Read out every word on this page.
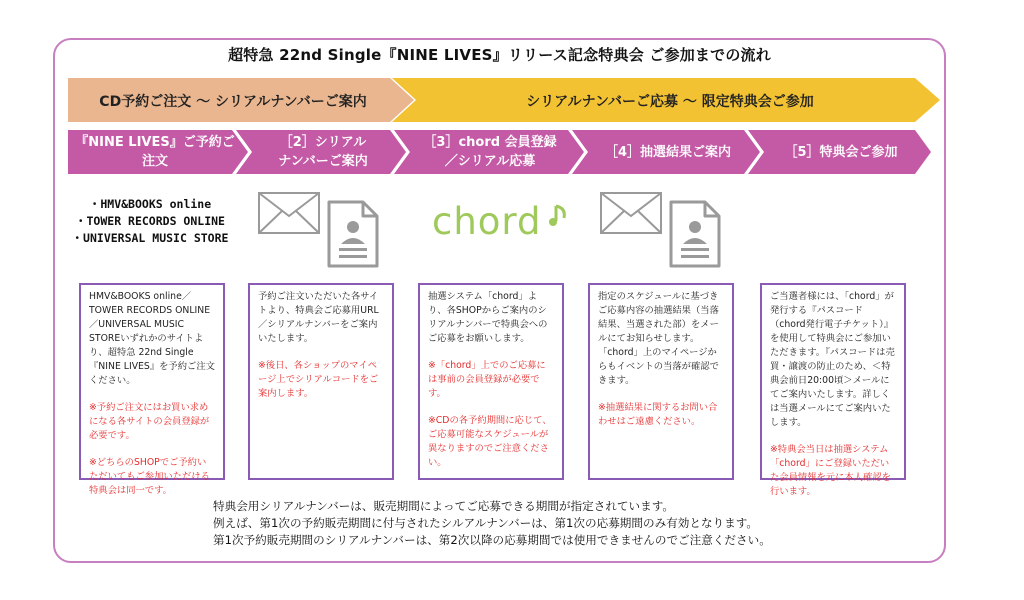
超特急 22nd Single『NINE LIVES』リリース記念特典会 ご参加までの流れ
CD予約ご注文 〜 シリアルナンバーご案内	シリアルナンバーご応募 〜 限定特典会ご参加
『NINE LIVES』ご予約ご注文
［2］シリアル
ナンバーご案内
［3］chord 会員登録
／シリアル応募
［4］抽選結果ご案内	［5］特典会ご参加
・HMV&BOOKS online
・TOWER RECORDS ONLINE
・UNIVERSAL MUSIC STORE	chord

HMV&BOOKS online／TOWER RECORDS ONLINE／UNIVERSAL MUSIC STOREいずれかのサイトより、超特急 22nd Single『NINE LIVES』を予約ご注文ください。

※予約ご注文にはお買い求めになる各サイトの会員登録が必要です。

※どちらのSHOPでご予約いただいてもご参加いただける特典会は同一です。

予約ご注文いただいた各サイトより、特典会ご応募用URL／シリアルナンバーをご案内いたします。

※後日、各ショップのマイページ上でシリアルコードをご案内します。

抽選システム「chord」より、各SHOPからご案内のシリアルナンバーで特典会へのご応募をお願いします。

※「chord」上でのご応募には事前の会員登録が必要です。

※CDの各予約期間に応じて、ご応募可能なスケジュールが異なりますのでご注意ください。

指定のスケジュールに基づきご応募内容の抽選結果（当落結果、当選された部）をメールにてお知らせします。「chord」上のマイページからもイベントの当落が確認できます。

※抽選結果に関するお問い合わせはご遠慮ください。

ご当選者様には、「chord」が発行する『パスコード（chord発行電子チケット）』を使用して特典会にご参加いただきます。『パスコードは売買・譲渡の防止のため、＜特典会前日20:00頃＞メールにてご案内いたします。詳しくは当選メールにてご案内いたします。

※特典会当日は抽選システム「chord」にご登録いただいた会員情報を元に本人確認を行います。

特典会用シリアルナンバーは、販売期間によってご応募できる期間が指定されています。
例えば、第1次の予約販売期間に付与されたシルアルナンバーは、第1次の応募期間のみ有効となります。
第1次予約販売期間のシリアルナンバーは、第2次以降の応募期間では使用できませんのでご注意ください。
